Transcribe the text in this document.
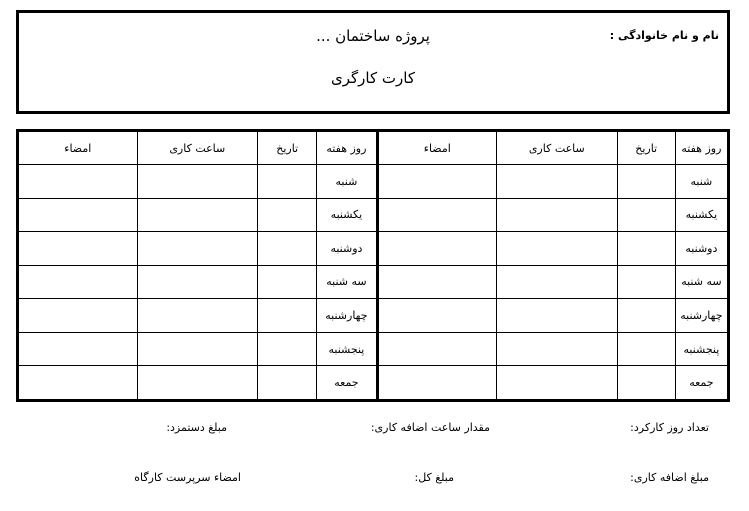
نام و نام خانوادگی :
پروژه ساختمان ...
کارت کارگری
روز هفته	تاریخ	ساعت کاری	امضاء	روز هفته	تاریخ	ساعت کاری	امضاء
شنبه				شنبه			
یکشنبه				یکشنبه			
دوشنبه				دوشنبه			
سه شنبه				سه شنبه			
چهارشنبه				چهارشنبه			
پنجشنبه				پنجشنبه			
جمعه				جمعه			
تعداد روز کارکرد:
مقدار ساعت اضافه کاری:
مبلغ دستمزد:
مبلغ اضافه کاری:
مبلغ کل:
امضاء سرپرست کارگاه
